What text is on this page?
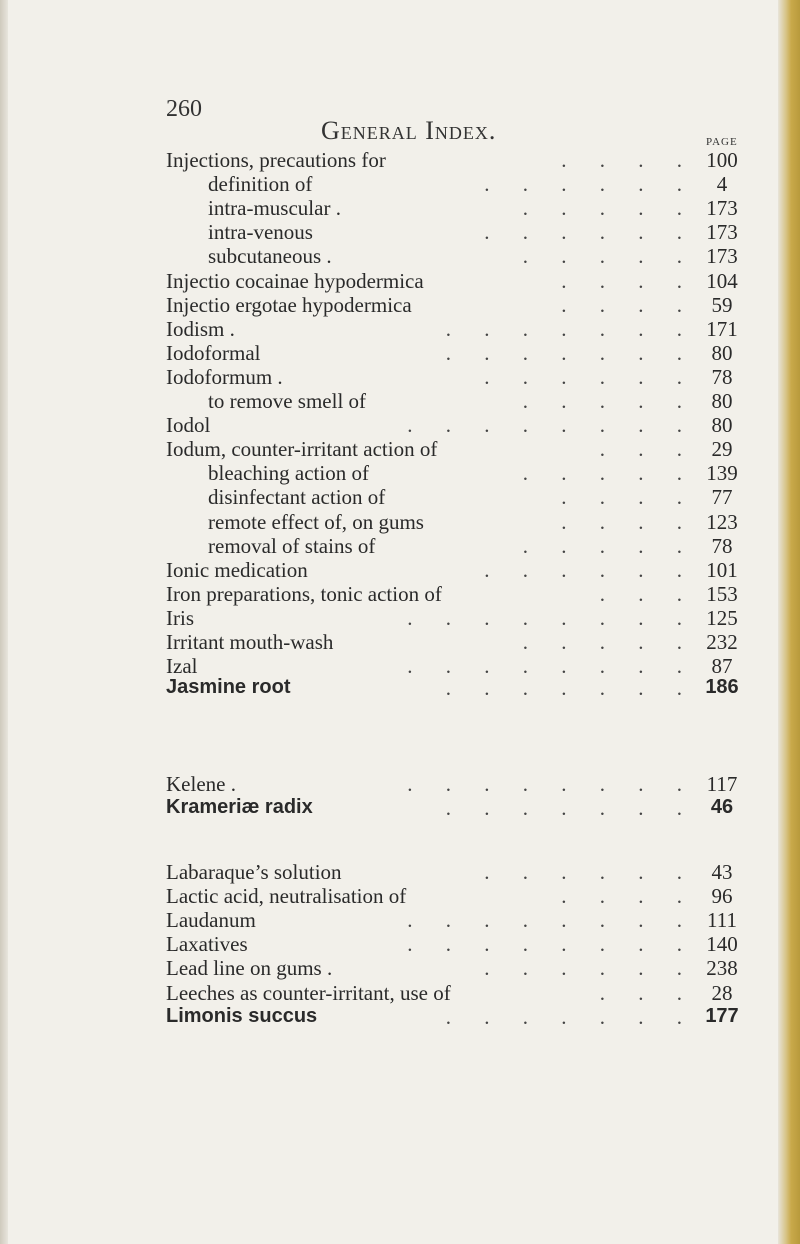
260
General Index.	PAGE
Injections, precautions for	. . . . 100
definition of	. . . . . . 4
intra-muscular .	. . . . . 173
intra-venous	. . . . . . 173
subcutaneous .	. . . . . 173
Injectio cocainae hypodermica	. . . . 104
Injectio ergotae hypodermica	. . . . 59
Iodism .	. . . . . . . 171
Iodoformal	. . . . . . . 80
Iodoformum .	. . . . . . 78
to remove smell of	. . . . . 80
Iodol	. . . . . . . . 80
Iodum, counter-irritant action of	. . . 29
bleaching action of	. . . . . 139
disinfectant action of	. . . . 77
remote effect of, on gums	. . . . 123
removal of stains of	. . . . . 78
Ionic medication	. . . . . . 101
Iron preparations, tonic action of	. . . 153
Iris	. . . . . . . . 125
Irritant mouth-wash	. . . . . 232
Izal	. . . . . . . . 87
Jasmine root	. . . . . . . 186
Kelene .	. . . . . . . . 117
Krameriæ radix	. . . . . . . 46
Labaraque’s solution	. . . . . . 43
Lactic acid, neutralisation of	. . . . 96
Laudanum	. . . . . . . . 111
Laxatives	. . . . . . . . 140
Lead line on gums .	. . . . . . 238
Leeches as counter-irritant, use of	. . . 28
Limonis succus	. . . . . . . 177
